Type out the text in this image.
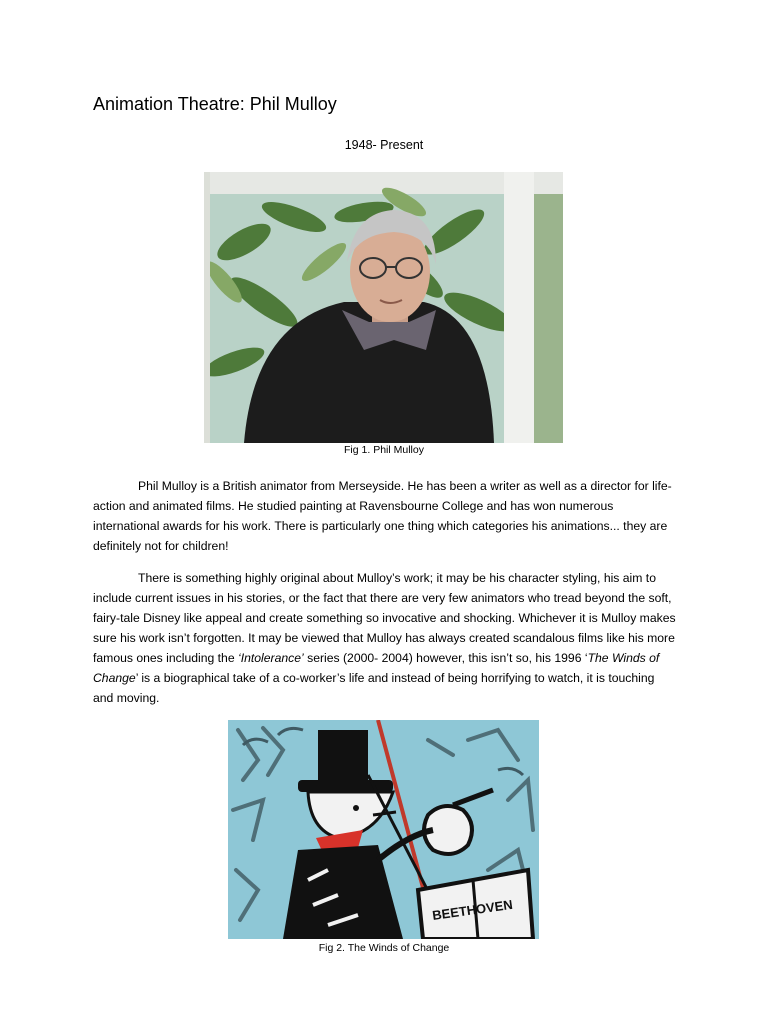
Animation Theatre: Phil Mulloy

1948- Present

Fig 1. Phil Mulloy

Phil Mulloy is a British animator from Merseyside. He has been a writer as well as a director for life-action and animated films. He studied painting at Ravensbourne College and has won numerous international awards for his work. There is particularly one thing which categories his animations... they are definitely not for children!

There is something highly original about Mulloy’s work; it may be his character styling, his aim to include current issues in his stories, or the fact that there are very few animators who tread beyond the soft, fairy-tale Disney like appeal and create something so invocative and shocking. Whichever it is Mulloy makes sure his work isn’t forgotten. It may be viewed that Mulloy has always created scandalous films like his more famous ones including the ‘Intolerance’ series (2000- 2004) however, this isn’t so, his 1996 ‘The Winds of Change’ is a biographical take of a co-worker’s life and instead of being horrifying to watch, it is touching and moving.

BEETHOVEN

Fig 2. The Winds of Change
